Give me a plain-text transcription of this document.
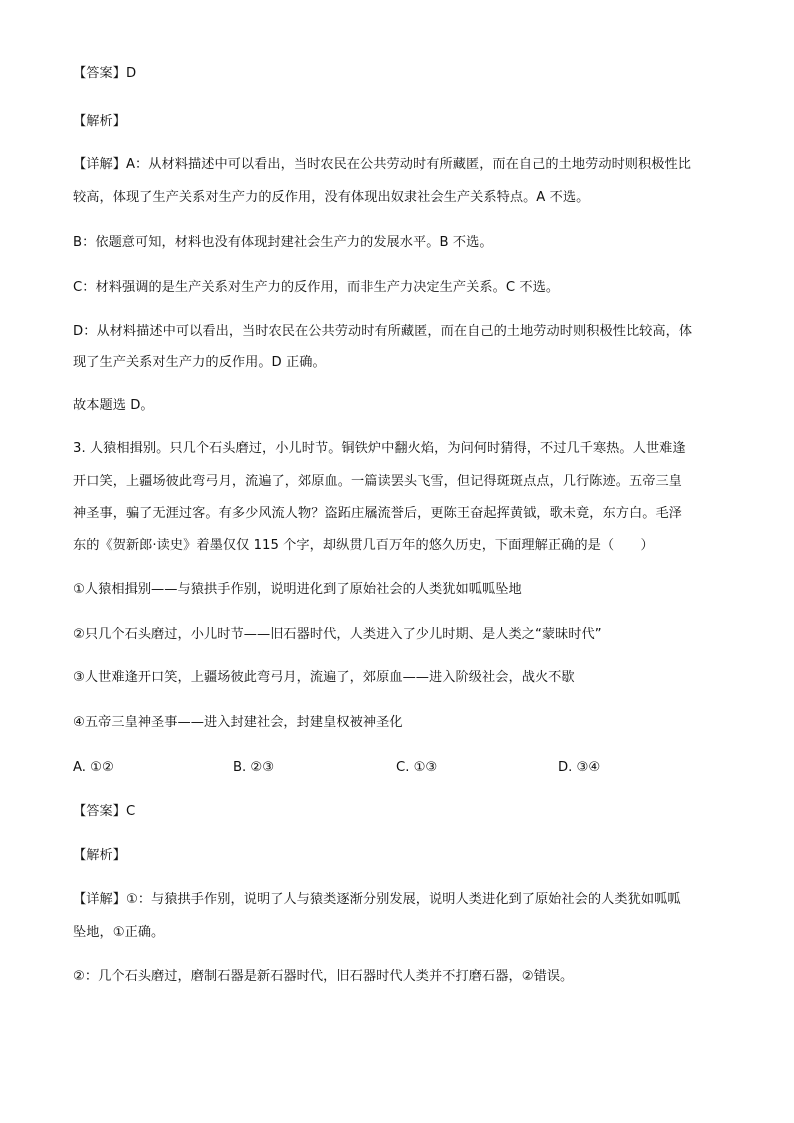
【答案】D
【解析】
【详解】A：从材料描述中可以看出，当时农民在公共劳动时有所藏匿，而在自己的土地劳动时则积极性比
较高，体现了生产关系对生产力的反作用，没有体现出奴隶社会生产关系特点。A 不选。
B：依题意可知，材料也没有体现封建社会生产力的发展水平。B 不选。
C：材料强调的是生产关系对生产力的反作用，而非生产力决定生产关系。C 不选。
D：从材料描述中可以看出，当时农民在公共劳动时有所藏匿，而在自己的土地劳动时则积极性比较高，体
现了生产关系对生产力的反作用。D 正确。
故本题选 D。
3. 人猿相揖别。只几个石头磨过，小儿时节。铜铁炉中翻火焰，为问何时猜得，不过几千寒热。人世难逢
开口笑，上疆场彼此弯弓月，流遍了，郊原血。一篇读罢头飞雪，但记得斑斑点点，几行陈迹。五帝三皇
神圣事，骗了无涯过客。有多少风流人物？盗跖庄屩流誉后，更陈王奋起挥黄钺，歌未竟，东方白。毛泽
东的《贺新郎·读史》着墨仅仅 115 个字，却纵贯几百万年的悠久历史，下面理解正确的是（　　）
①人猿相揖别——与猿拱手作别，说明进化到了原始社会的人类犹如呱呱坠地
②只几个石头磨过，小儿时节——旧石器时代，人类进入了少儿时期、是人类之“蒙昧时代”
③人世难逢开口笑，上疆场彼此弯弓月，流遍了，郊原血——进入阶级社会，战火不歇
④五帝三皇神圣事——进入封建社会，封建皇权被神圣化
A. ①②	B. ②③	C. ①③	D. ③④
【答案】C
【解析】
【详解】①：与猿拱手作别，说明了人与猿类逐渐分别发展，说明人类进化到了原始社会的人类犹如呱呱
坠地，①正确。
②：几个石头磨过，磨制石器是新石器时代，旧石器时代人类并不打磨石器，②错误。
